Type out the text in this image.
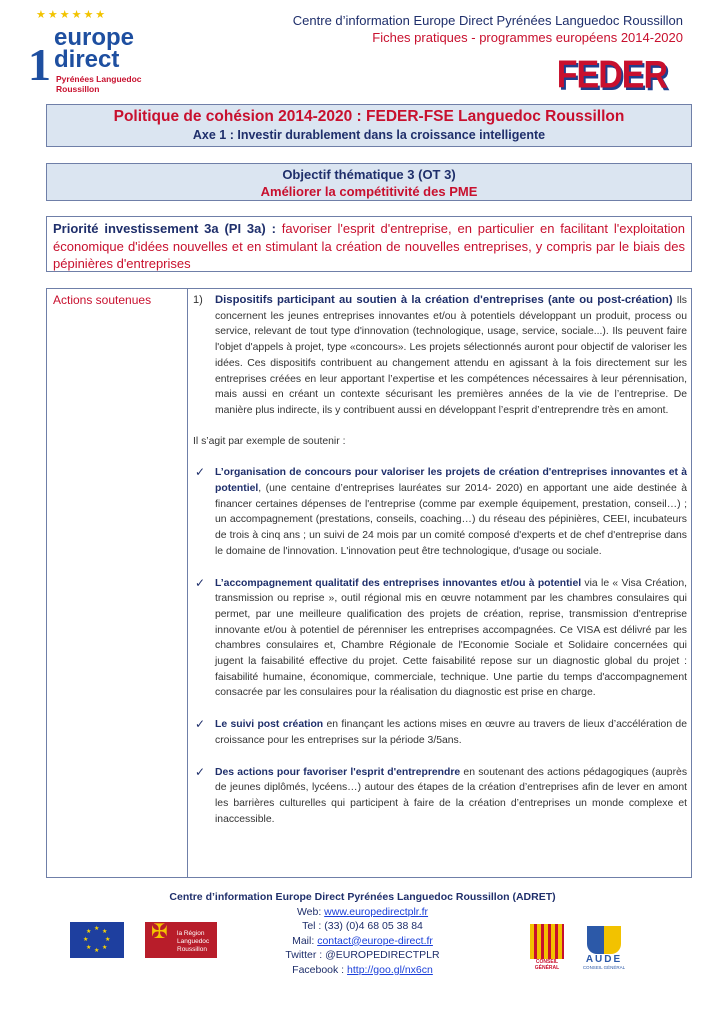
★★★★★★
1
europe
direct
Pyrénées Languedoc Roussillon
Centre d’information Europe Direct Pyrénées Languedoc Roussillon
Fiches pratiques - programmes européens 2014-2020
FEDER
Politique de cohésion 2014-2020 : FEDER-FSE Languedoc Roussillon
Axe 1 : Investir durablement dans la croissance intelligente
Objectif thématique 3 (OT 3)
Améliorer la compétitivité des PME
Priorité investissement 3a (PI 3a) : favoriser l'esprit d'entreprise, en particulier en facilitant l'exploitation économique d'idées nouvelles et en stimulant la création de nouvelles entreprises, y compris par le biais des pépinières d'entreprises
Actions soutenues	1) Dispositifs participant au soutien à la création d'entreprises (ante ou post-création) Ils concernent les jeunes entreprises innovantes et/ou à potentiels développant un produit, process ou service, relevant de tout type d'innovation (technologique, usage, service, sociale...). Ils peuvent faire l'objet d'appels à projet, type «concours». Les projets sélectionnés auront pour objectif de valoriser les idées. Ces dispositifs contribuent au changement attendu en agissant à la fois directement sur les entreprises créées en leur apportant l’expertise et les compétences nécessaires à leur pérennisation, mais aussi en créant un contexte sécurisant les premières années de la vie de l’entreprise. De manière plus indirecte, ils y contribuent aussi en développant l’esprit d’entreprendre très en amont.
Il s’agit par exemple de soutenir :
✓ L’organisation de concours pour valoriser les projets de création d'entreprises innovantes et à potentiel, (une centaine d’entreprises lauréates sur 2014- 2020) en apportant une aide destinée à financer certaines dépenses de l'entreprise (comme par exemple équipement, prestation, conseil…) ; un accompagnement (prestations, conseils, coaching…) du réseau des pépinières, CEEI, incubateurs de trois à cinq ans ; un suivi de 24 mois par un comité composé d'experts et de chef d'entreprise dans le domaine de l'innovation. L'innovation peut être technologique, d'usage ou sociale.
✓ L’accompagnement qualitatif des entreprises innovantes et/ou à potentiel via le « Visa Création, transmission ou reprise », outil régional mis en œuvre notamment par les chambres consulaires qui permet, par une meilleure qualification des projets de création, reprise, transmission d'entreprise innovante et/ou à potentiel de pérenniser les entreprises accompagnées. Ce VISA est délivré par les chambres consulaires et, Chambre Régionale de l'Economie Sociale et Solidaire concernées qui jugent la faisabilité effective du projet. Cette faisabilité repose sur un diagnostic global du projet : faisabilité humaine, économique, commerciale, technique. Une partie du temps d'accompagnement consacrée par les consulaires pour la réalisation du diagnostic est prise en charge.
✓ Le suivi post création en finançant les actions mises en œuvre au travers de lieux d’accélération de croissance pour les entreprises sur la période 3/5ans.
✓ Des actions pour favoriser l'esprit d'entreprendre en soutenant des actions pédagogiques (auprès de jeunes diplômés, lycéens…) autour des étapes de la création d’entreprises afin de lever en amont les barrières culturelles qui participent à faire de la création d’entreprises un monde complexe et inaccessible.
Centre d’information Europe Direct Pyrénées Languedoc Roussillon (ADRET)
Web: www.europedirectplr.fr
Tel : (33) (0)4 68 05 38 84
Mail: contact@europe-direct.fr
Twitter : @EUROPEDIRECTPLR
Facebook : http://goo.gl/nx6cn
★ ★
★
★
★
★
★
★	✠ la Région Languedoc Roussillon
CONSEIL GÉNÉRAL
AUDE
CONSEIL GÉNÉRAL
